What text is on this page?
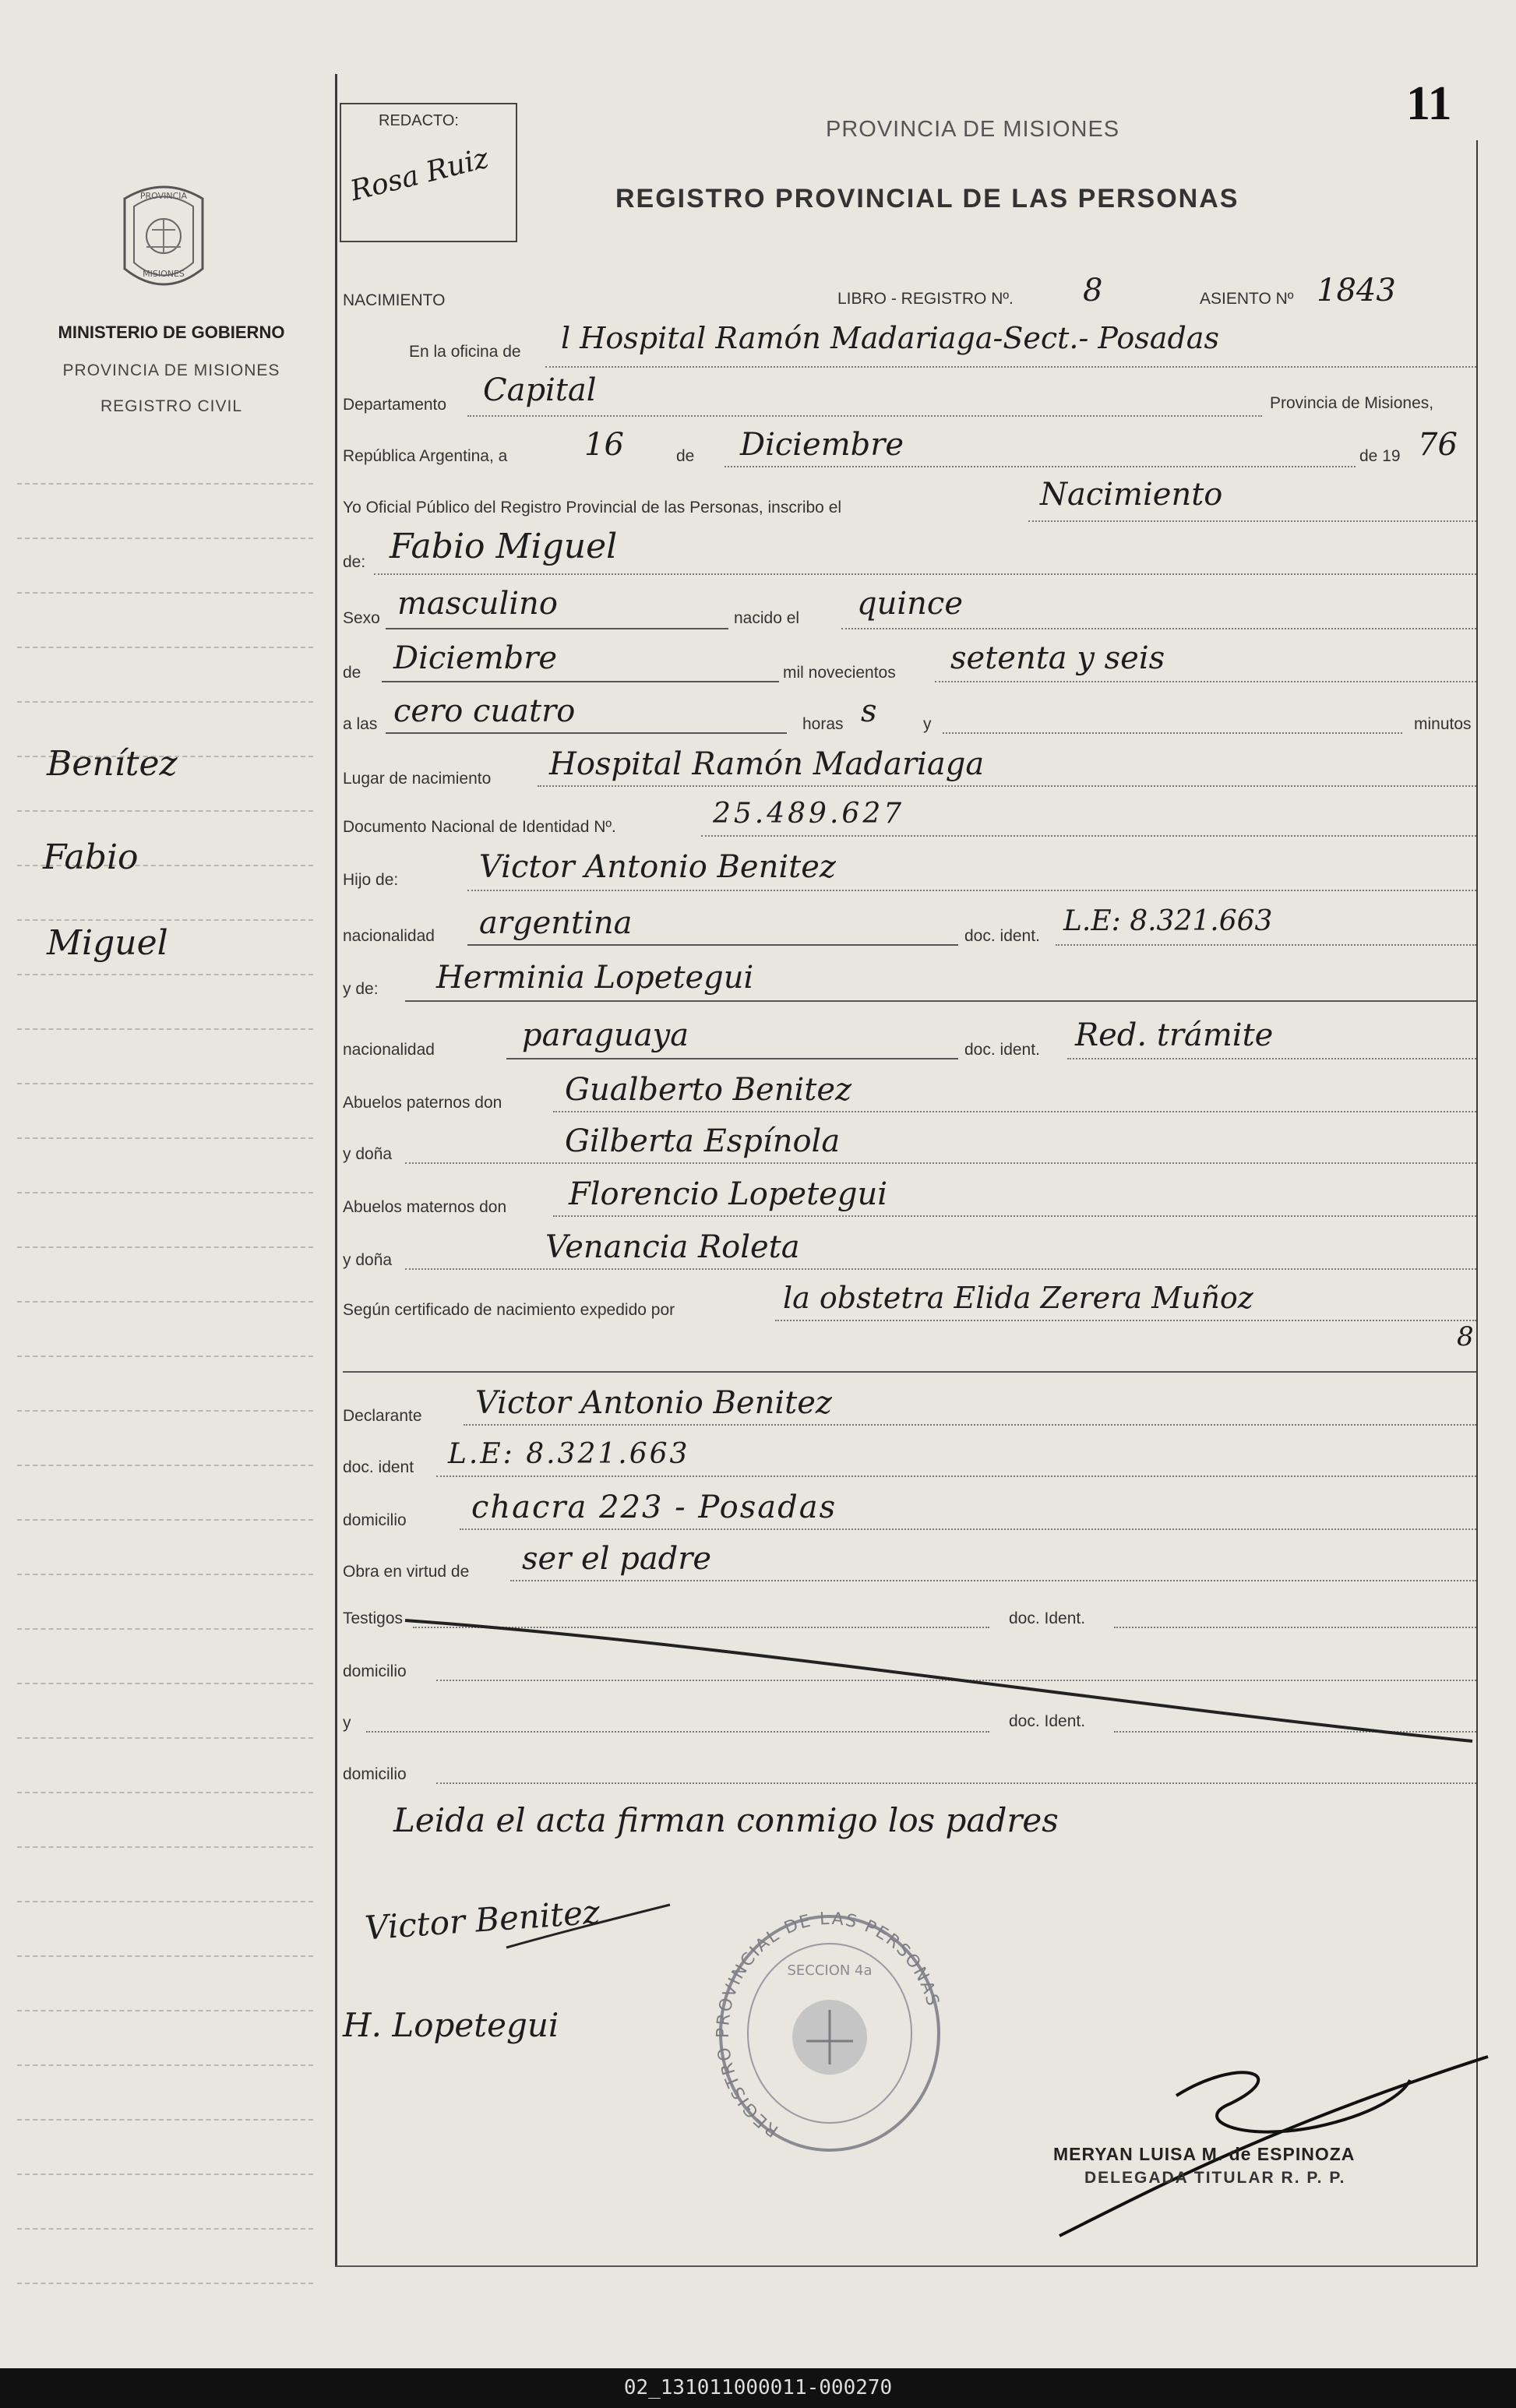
PROVINCIA
MISIONES
MINISTERIO DE GOBIERNO
PROVINCIA DE MISIONES
REGISTRO CIVIL
Benítez
Fabio
Miguel
REDACTO:
Rosa Ruiz
11
PROVINCIA DE MISIONES
REGISTRO PROVINCIAL DE LAS PERSONAS
NACIMIENTO	LIBRO - REGISTRO Nº. 8	ASIENTO Nº 1843
En la oficina de l Hospital Ramón Madariaga-Sect.- Posadas
Departamento Capital	Provincia de Misiones,
República Argentina, a 16	de Diciembre	de 19 76
Yo Oficial Público del Registro Provincial de las Personas, inscribo el	Nacimiento
de: Fabio Miguel
Sexo masculino	nacido el quince
de Diciembre	mil novecientos setenta y seis
a las cero cuatro	horas s	y	minutos
Lugar de nacimiento Hospital Ramón Madariaga
Documento Nacional de Identidad Nº.	25.489.627
Hijo de:	Victor Antonio Benitez
nacionalidad argentina	doc. ident. L.E: 8.321.663
y de: Herminia Lopetegui
nacionalidad	paraguaya	doc. ident. Red. trámite
Abuelos paternos don Gualberto Benitez
y doña	Gilberta Espínola
Abuelos maternos don Florencio Lopetegui
y doña	Venancia Roleta
Según certificado de nacimiento expedido por	la obstetra Elida Zerera Muñoz
8
Declarante Victor Antonio Benitez
doc. ident L.E: 8.321.663
domicilio chacra 223 - Posadas
Obra en virtud de ser el padre
Testigos	doc. Ident.
domicilio
y	doc. Ident.
domicilio
Leida el acta firman conmigo los padres
Victor Benitez
H. Lopetegui
REGISTRO PROVINCIAL DE LAS PERSONAS
SECCION 4a
MERYAN LUISA M. de ESPINOZA
DELEGADA TITULAR R. P. P.
02_131011000011-000270
